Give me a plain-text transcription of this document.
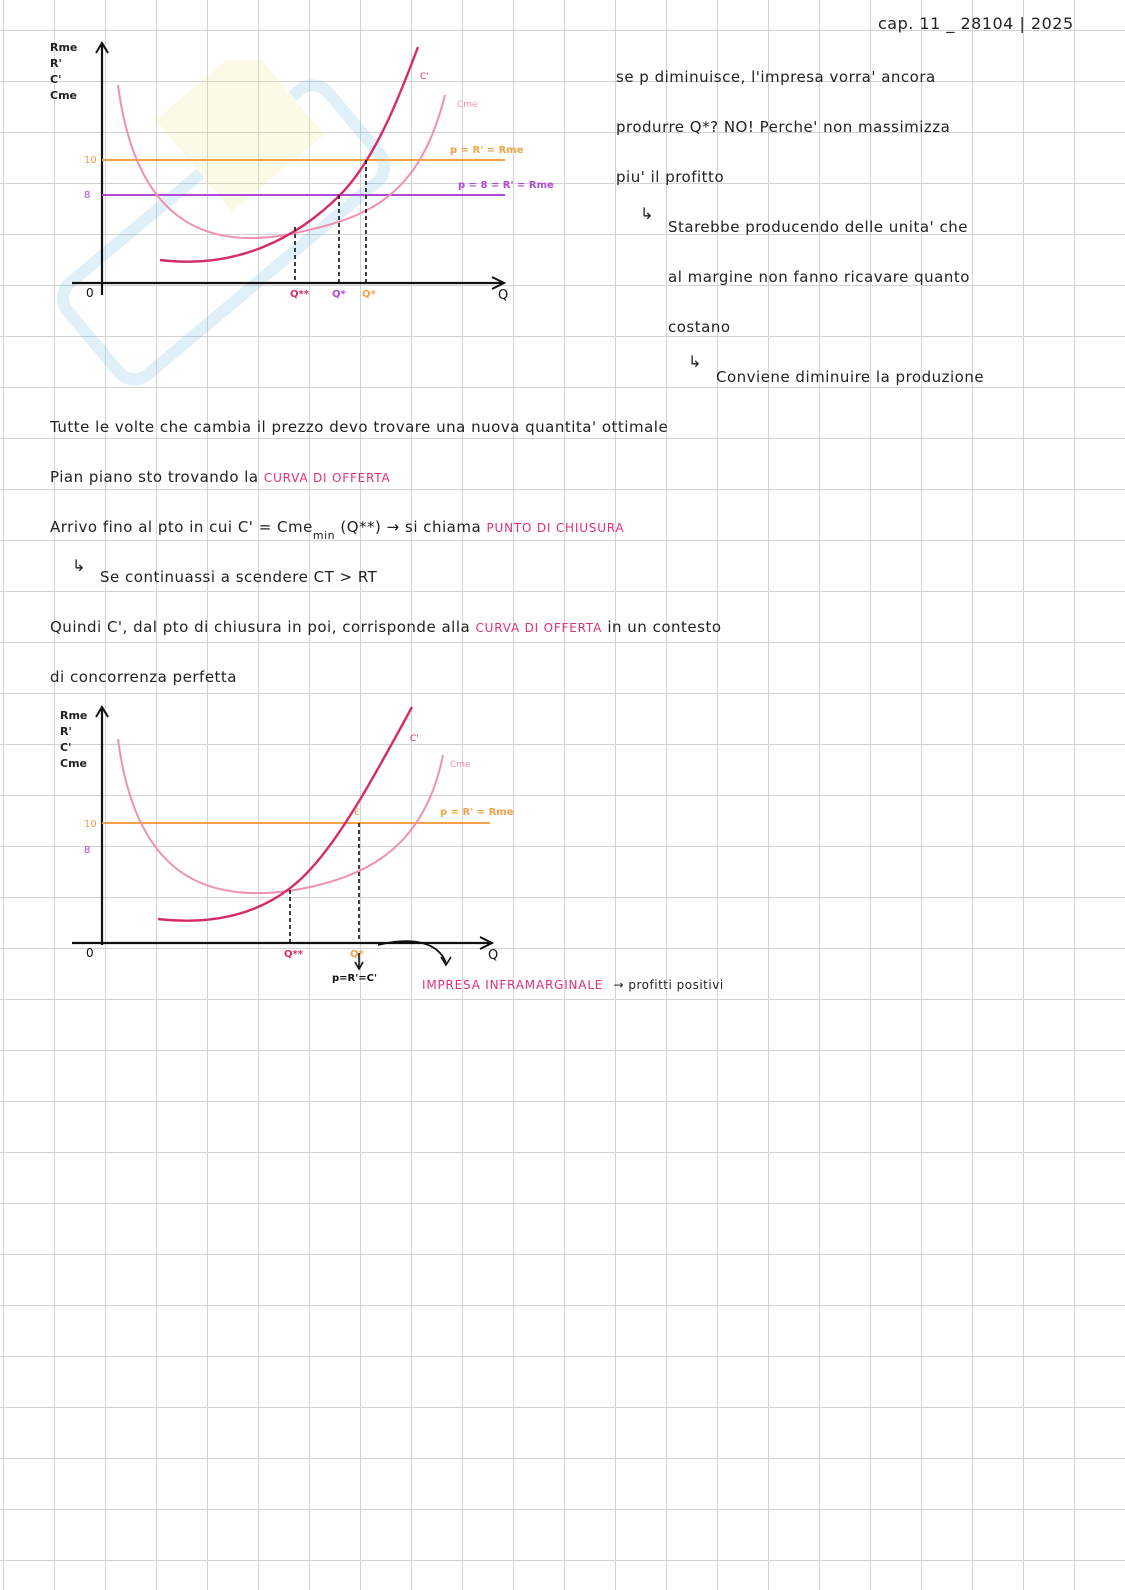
cap. 11 _ 28104 | 2025
Rme
R'
C'
Cme
10
8
0	Q
C'
Cme
p = R' = Rme
p = 8 = R' = Rme
Q** Q* Q*
se p diminuisce, l'impresa vorra' ancora
produrre Q*? NO! Perche' non massimizza
piu' il profitto
↳
Starebbe producendo delle unita' che
al margine non fanno ricavare quanto
costano
↳
Conviene diminuire la produzione
Tutte le volte che cambia il prezzo devo trovare una nuova quantita' ottimale
Pian piano sto trovando la CURVA DI OFFERTA
Arrivo fino al pto in cui C' = Cme$_{min}$ (Q**) → si chiama PUNTO DI CHIUSURA
↳
Se continuassi a scendere CT > RT
Quindi C', dal pto di chiusura in poi, corrisponde alla CURVA DI OFFERTA in un contesto
di concorrenza perfetta
Rme
R'
C'
Cme
10
8
0	Q
C'
Cme
p = R' = Rme
E
Q**	Q*
p=R'=C'	IMPRESA INFRAMARGINALE → profitti positivi
